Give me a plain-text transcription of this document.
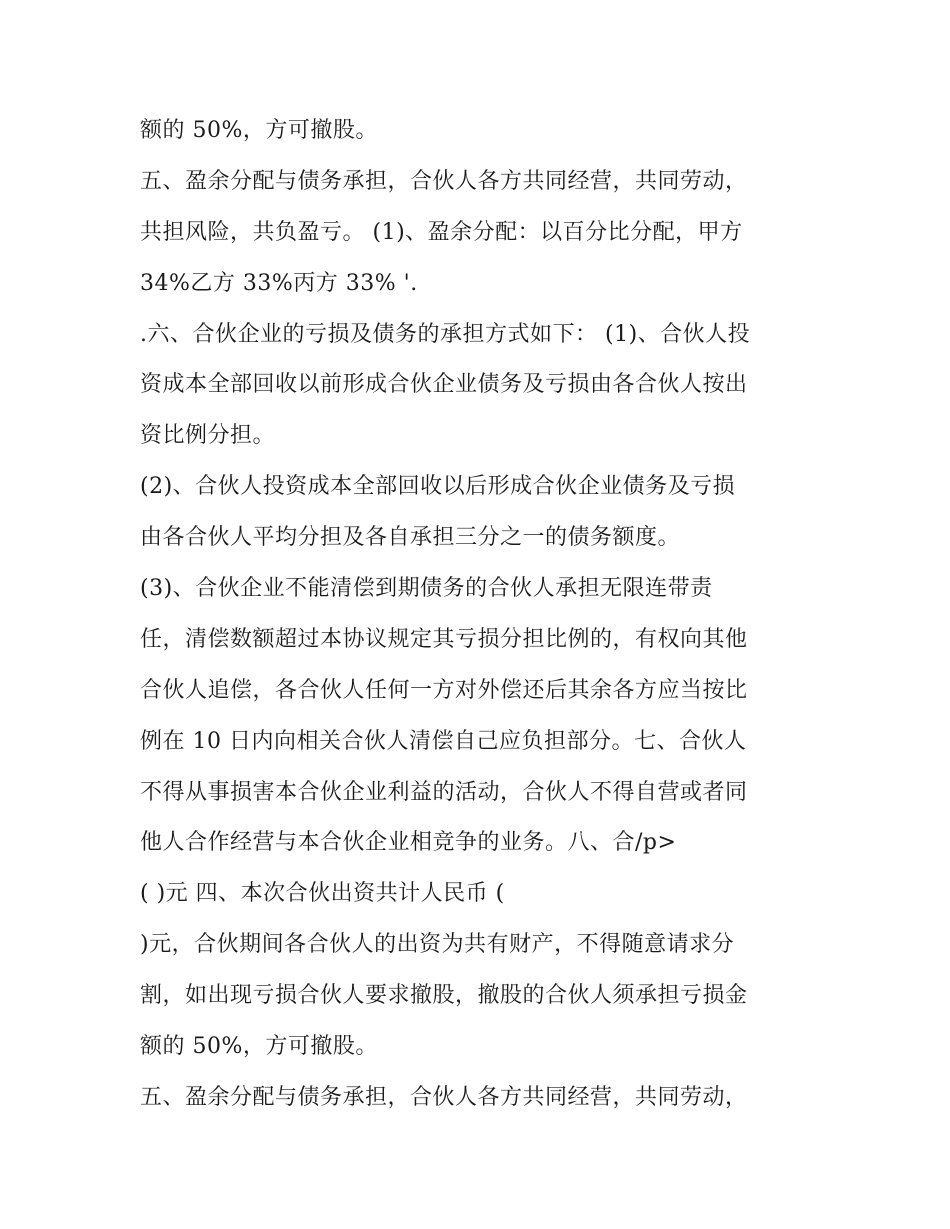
额的 50%，方可撤股。
五、盈余分配与债务承担，合伙人各方共同经营，共同劳动，
共担风险，共负盈亏。 (1)、盈余分配：以百分比分配，甲方
34%乙方 33%丙方 33% '.
.六、合伙企业的亏损及债务的承担方式如下： (1)、合伙人投
资成本全部回收以前形成合伙企业债务及亏损由各合伙人按出
资比例分担。
(2)、合伙人投资成本全部回收以后形成合伙企业债务及亏损
由各合伙人平均分担及各自承担三分之一的债务额度。
(3)、合伙企业不能清偿到期债务的合伙人承担无限连带责
任，清偿数额超过本协议规定其亏损分担比例的，有权向其他
合伙人追偿，各合伙人任何一方对外偿还后其余各方应当按比
例在 10 日内向相关合伙人清偿自己应负担部分。七、合伙人
不得从事损害本合伙企业利益的活动，合伙人不得自营或者同
他人合作经营与本合伙企业相竞争的业务。八、合/p>
( )元 四、本次合伙出资共计人民币 (
)元，合伙期间各合伙人的出资为共有财产，不得随意请求分
割，如出现亏损合伙人要求撤股，撤股的合伙人须承担亏损金
额的 50%，方可撤股。
五、盈余分配与债务承担，合伙人各方共同经营，共同劳动，
